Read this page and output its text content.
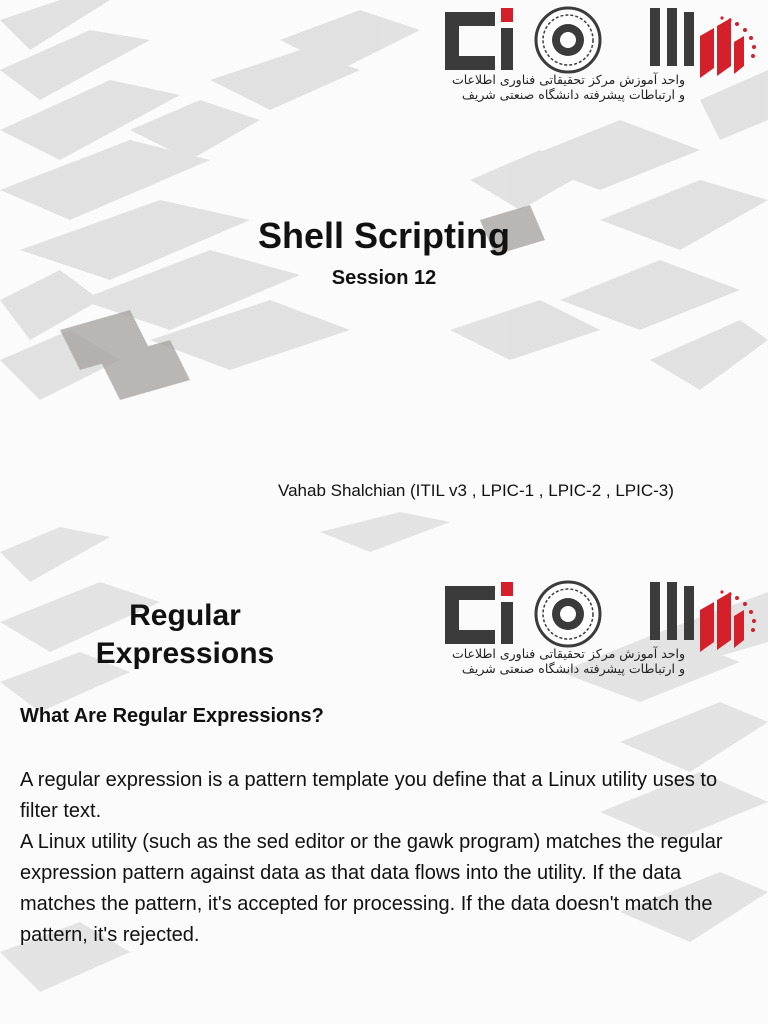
واحد آموزش مرکز تحقیقاتی فناوری اطلاعات
و ارتباطات پیشرفته دانشگاه صنعتی شریف
Shell Scripting
Session 12
Vahab Shalchian (ITIL v3 , LPIC-1 , LPIC-2 , LPIC-3)
Regular
Expressions	واحد آموزش مرکز تحقیقاتی فناوری اطلاعات
و ارتباطات پیشرفته دانشگاه صنعتی شریف
What Are Regular Expressions?

A regular expression is a pattern template you define that a Linux utility uses to filter text.

A Linux utility (such as the sed editor or the gawk program) matches the regular expression pattern against data as that data flows into the utility. If the data matches the pattern, it's accepted for processing. If the data doesn't match the pattern, it's rejected.
